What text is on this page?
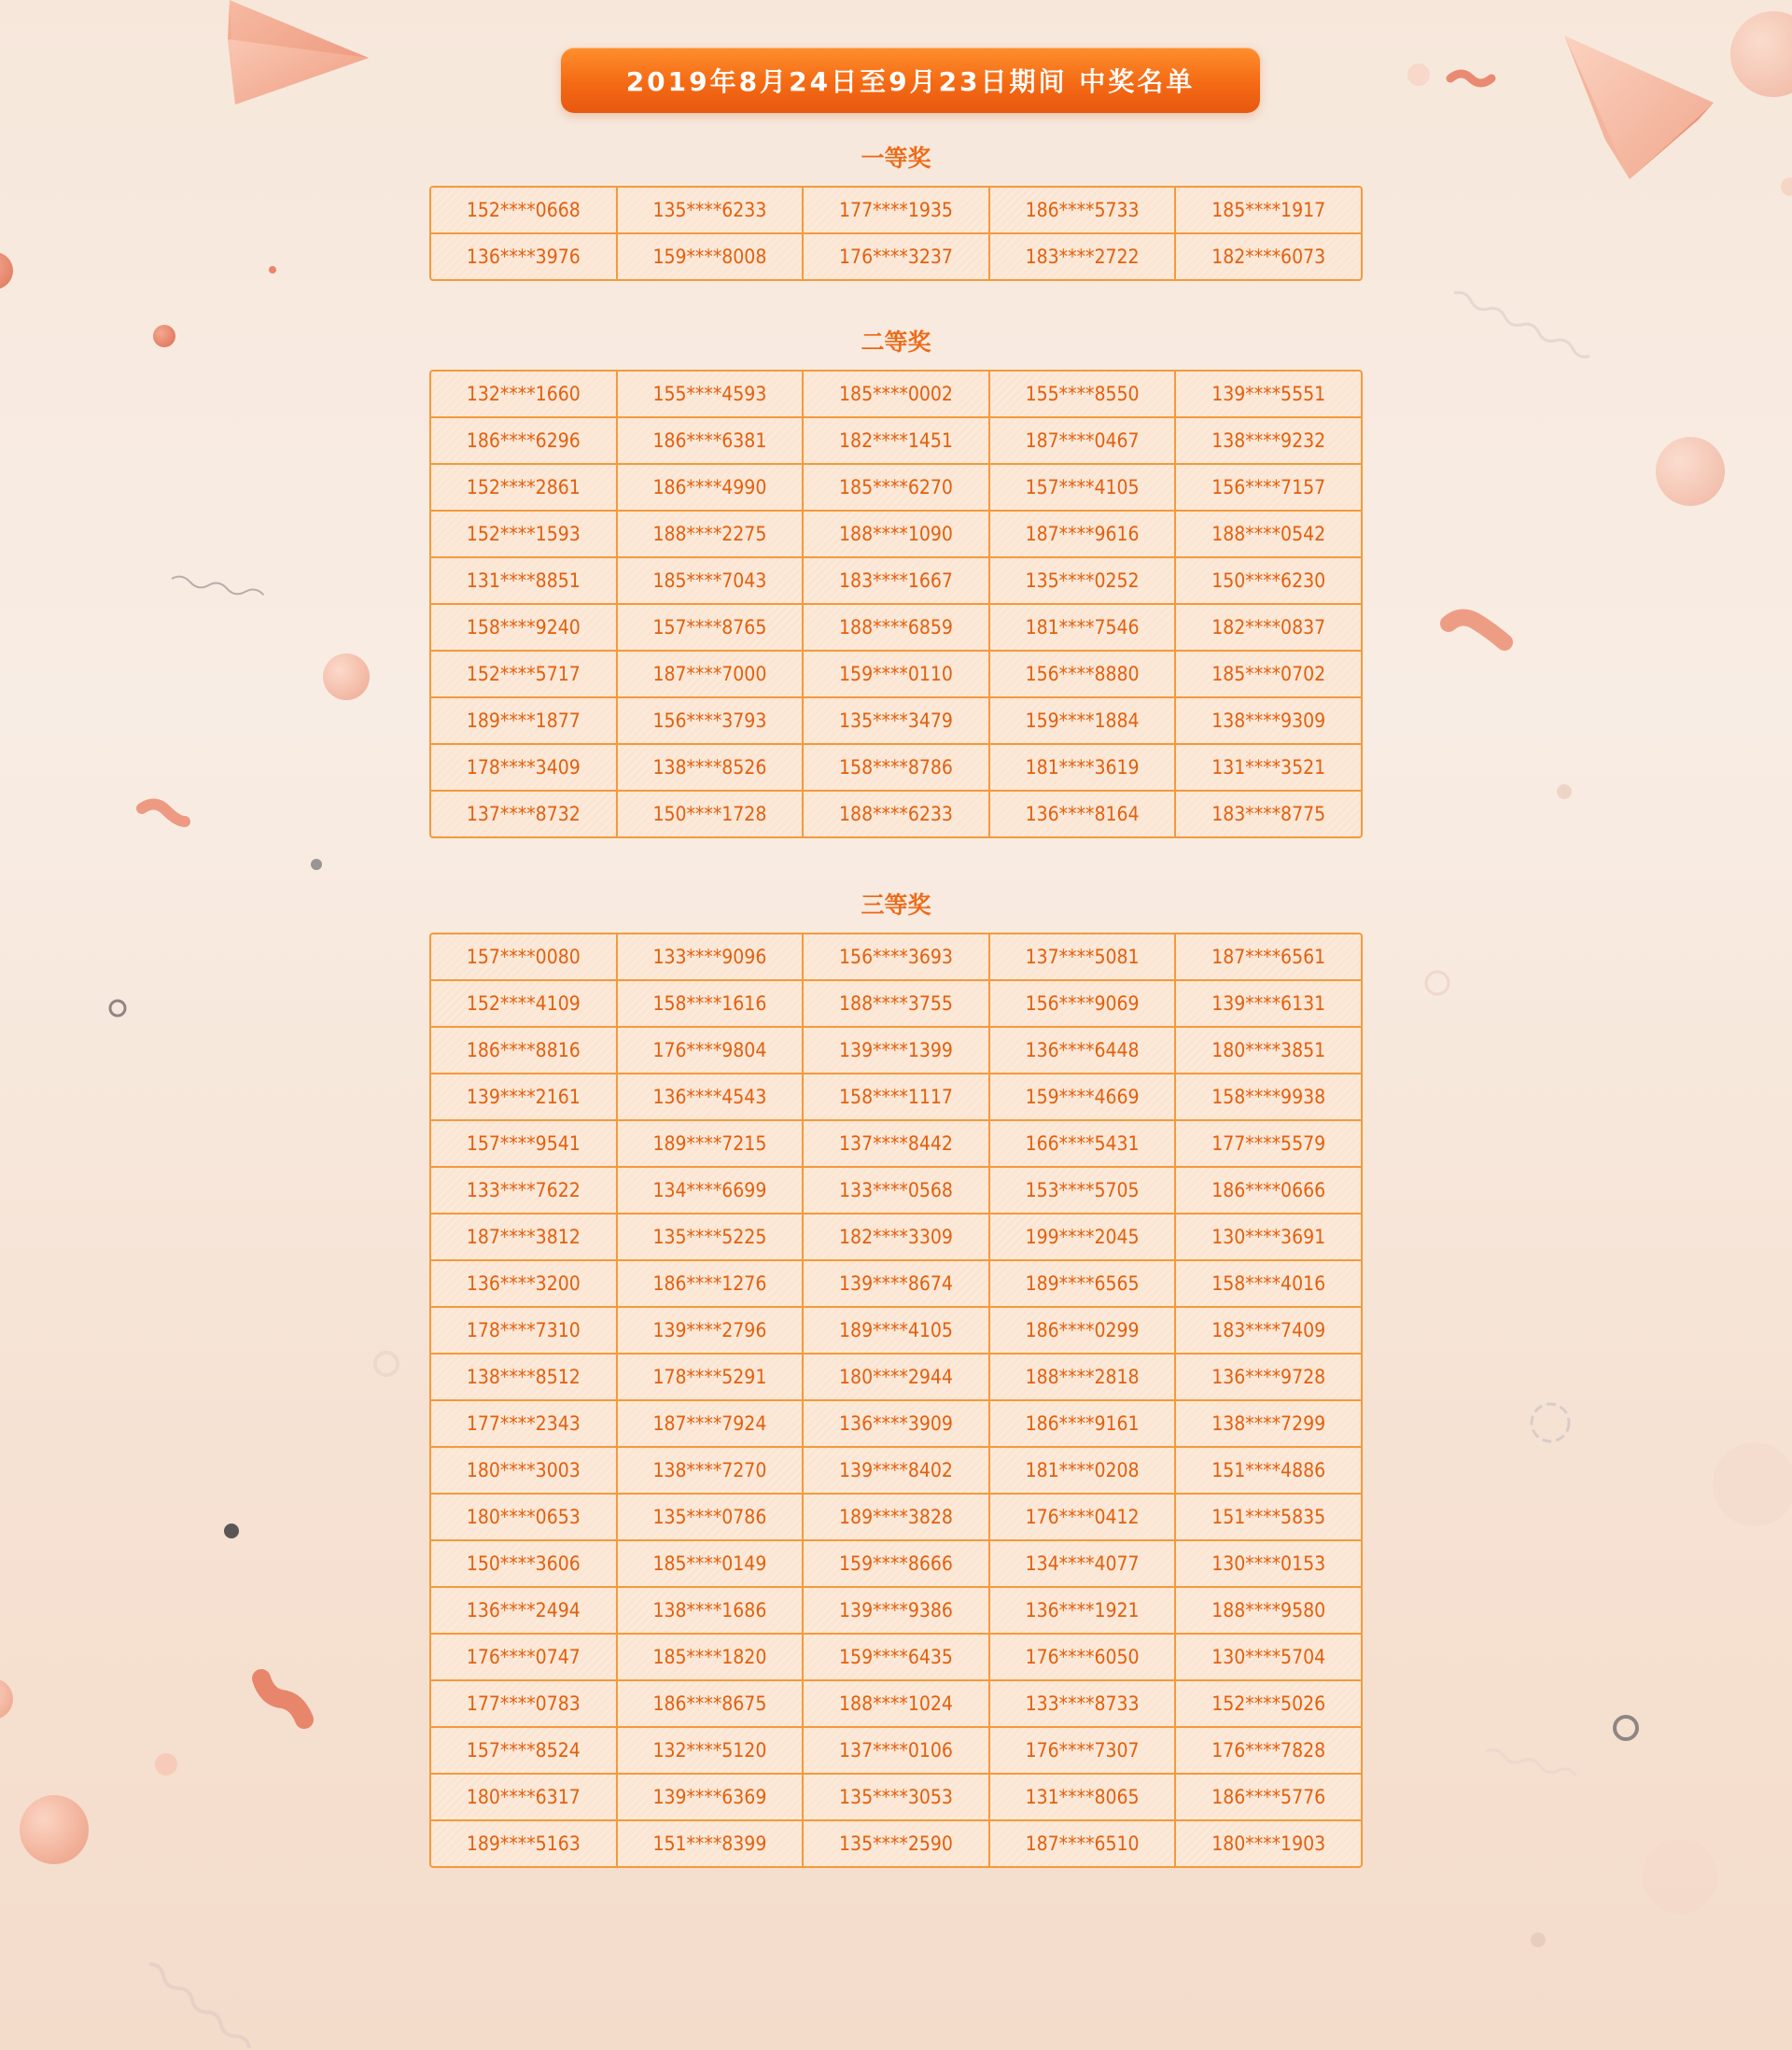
2019年8月24日至9月23日期间 中奖名单
一等奖
152****0668	135****6233	177****1935	186****5733	185****1917
136****3976	159****8008	176****3237	183****2722	182****6073
二等奖
132****1660	155****4593	185****0002	155****8550	139****5551
186****6296	186****6381	182****1451	187****0467	138****9232
152****2861	186****4990	185****6270	157****4105	156****7157
152****1593	188****2275	188****1090	187****9616	188****0542
131****8851	185****7043	183****1667	135****0252	150****6230
158****9240	157****8765	188****6859	181****7546	182****0837
152****5717	187****7000	159****0110	156****8880	185****0702
189****1877	156****3793	135****3479	159****1884	138****9309
178****3409	138****8526	158****8786	181****3619	131****3521
137****8732	150****1728	188****6233	136****8164	183****8775
三等奖
157****0080	133****9096	156****3693	137****5081	187****6561
152****4109	158****1616	188****3755	156****9069	139****6131
186****8816	176****9804	139****1399	136****6448	180****3851
139****2161	136****4543	158****1117	159****4669	158****9938
157****9541	189****7215	137****8442	166****5431	177****5579
133****7622	134****6699	133****0568	153****5705	186****0666
187****3812	135****5225	182****3309	199****2045	130****3691
136****3200	186****1276	139****8674	189****6565	158****4016
178****7310	139****2796	189****4105	186****0299	183****7409
138****8512	178****5291	180****2944	188****2818	136****9728
177****2343	187****7924	136****3909	186****9161	138****7299
180****3003	138****7270	139****8402	181****0208	151****4886
180****0653	135****0786	189****3828	176****0412	151****5835
150****3606	185****0149	159****8666	134****4077	130****0153
136****2494	138****1686	139****9386	136****1921	188****9580
176****0747	185****1820	159****6435	176****6050	130****5704
177****0783	186****8675	188****1024	133****8733	152****5026
157****8524	132****5120	137****0106	176****7307	176****7828
180****6317	139****6369	135****3053	131****8065	186****5776
189****5163	151****8399	135****2590	187****6510	180****1903
